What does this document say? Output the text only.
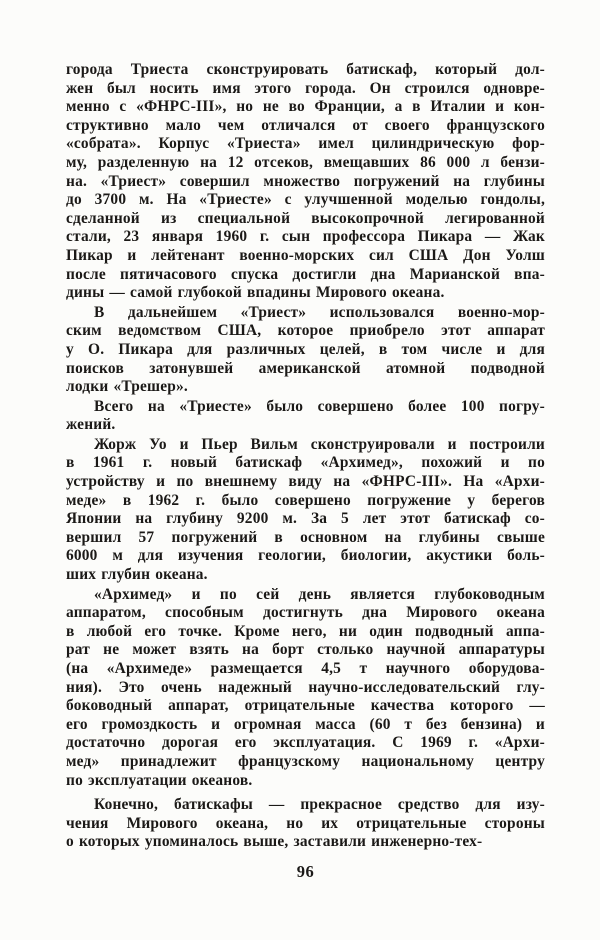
города Триеста сконструировать батискаф, который дол-
жен был носить имя этого города. Он строился одновре-
менно с «ФНРС-III», но не во Франции, а в Италии и кон-
структивно мало чем отличался от своего французского
«собрата». Корпус «Триеста» имел цилиндрическую фор-
му, разделенную на 12 отсеков, вмещавших 86 000 л бензи-
на. «Триест» совершил множество погружений на глубины
до 3700 м. На «Триесте» с улучшенной моделью гондолы,
сделанной из специальной высокопрочной легированной
стали, 23 января 1960 г. сын профессора Пикара — Жак
Пикар и лейтенант военно-морских сил США Дон Уолш
после пятичасового спуска достигли дна Марианской впа-
дины — самой глубокой впадины Мирового океана.
В дальнейшем «Триест» использовался военно-мор-
ским ведомством США, которое приобрело этот аппарат
у О. Пикара для различных целей, в том числе и для
поисков затонувшей американской атомной подводной
лодки «Трешер».
Всего на «Триесте» было совершено более 100 погру-
жений.
Жорж Уо и Пьер Вильм сконструировали и построили
в 1961 г. новый батискаф «Архимед», похожий и по
устройству и по внешнему виду на «ФНРС-III». На «Архи-
меде» в 1962 г. было совершено погружение у берегов
Японии на глубину 9200 м. За 5 лет этот батискаф со-
вершил 57 погружений в основном на глубины свыше
6000 м для изучения геологии, биологии, акустики боль-
ших глубин океана.
«Архимед» и по сей день является глубоководным
аппаратом, способным достигнуть дна Мирового океана
в любой его точке. Кроме него, ни один подводный аппа-
рат не может взять на борт столько научной аппаратуры
(на «Архимеде» размещается 4,5 т научного оборудова-
ния). Это очень надежный научно-исследовательский глу-
боководный аппарат, отрицательные качества которого —
его громоздкость и огромная масса (60 т без бензина) и
достаточно дорогая его эксплуатация. С 1969 г. «Архи-
мед» принадлежит французскому национальному центру
по эксплуатации океанов.
Конечно, батискафы — прекрасное средство для изу-
чения Мирового океана, но их отрицательные стороны
о которых упоминалось выше, заставили инженерно-тех-
96
